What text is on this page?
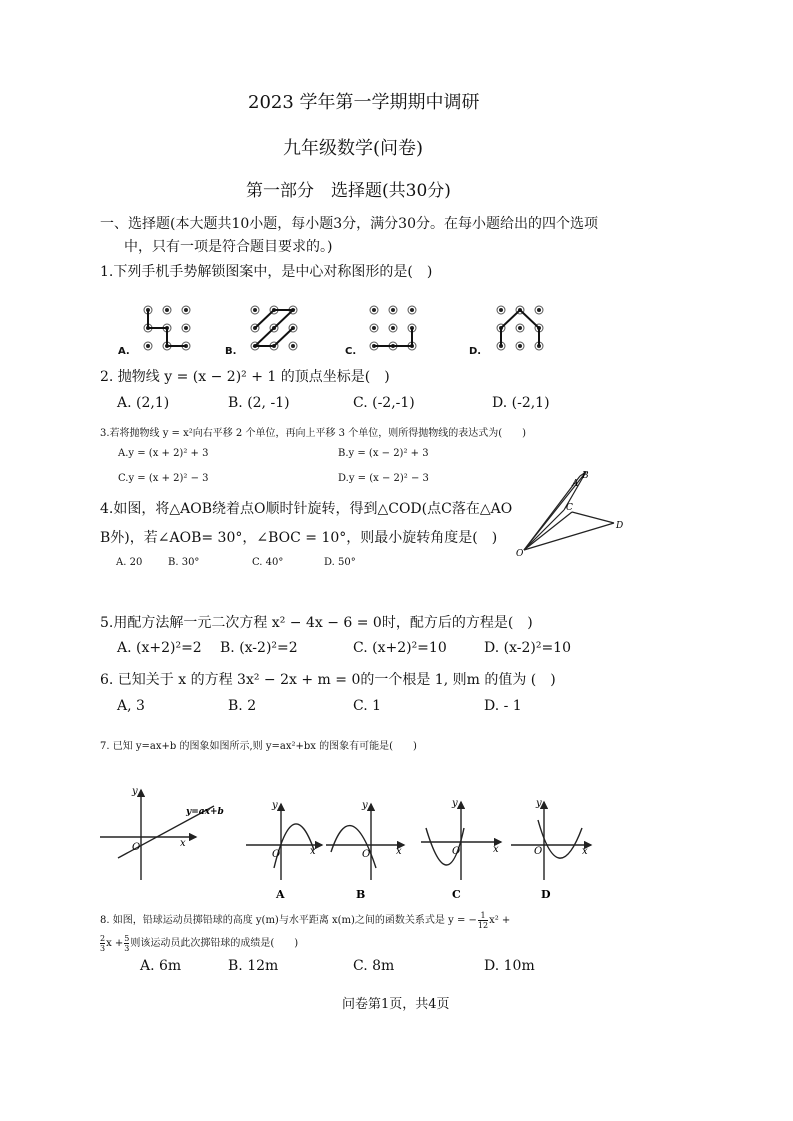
2023 学年第一学期期中调研
九年级数学(问卷)
第一部分　选择题(共30分)
一、选择题(本大题共10小题，每小题3分，满分30分。在每小题给出的四个选项
中，只有一项是符合题目要求的。)
1.下列手机手势解锁图案中，是中心对称图形的是(　)
A.	B.	C.	D.
2. 抛物线 y = (x − 2)² + 1 的顶点坐标是(　)
A. (2,1)	B. (2, -1)	C. (-2,-1)	D. (-2,1)
3.若将抛物线 y = x²向右平移 2 个单位，再向上平移 3 个单位，则所得抛物线的表达式为(　　)
A.y = (x + 2)² + 3	B.y = (x − 2)² + 3
C.y = (x + 2)² − 3	D.y = (x − 2)² − 3
4.如图，将△AOB绕着点O顺时针旋转，得到△COD(点C落在△AO
B外)，若∠AOB= 30°，∠BOC = 10°，则最小旋转角度是(　)
A. 20	B. 30°	C. 40°	D. 50°
B
A
C
D
O
5.用配方法解一元二次方程 x² − 4x − 6 = 0时，配方后的方程是(　)
A. (x+2)²=2 B. (x-2)²=2	C. (x+2)²=10	D. (x-2)²=10
6. 已知关于 x 的方程 3x² − 2x + m = 0的一个根是 1, 则m 的值为 (　)
A, 3	B. 2	C. 1	D. - 1
7. 已知 y=ax+b 的图象如图所示,则 y=ax²+bx 的图象有可能是(　　)
y
x
O
y=ax+b
y
x
O
y
x
O
y
x
O
y
x
O
A	B	C	D
8. 如图，铅球运动员掷铅球的高度 y(m)与水平距离 x(m)之间的函数关系式是 y = − $\frac{1}{12} x^2$ +
$\frac{2}{3}$ $x + \frac{5}{3}$ 则该运动员此次掷铅球的成绩是(　　)
A. 6m	B. 12m	C. 8m	D. 10m
问卷第1页，共4页
